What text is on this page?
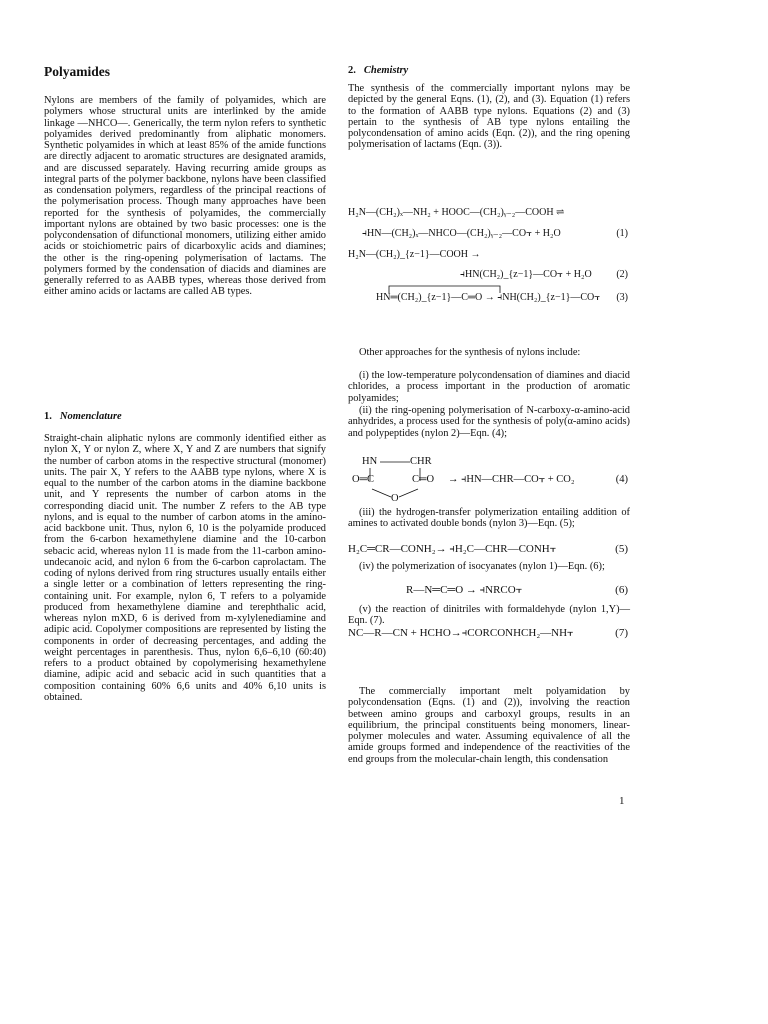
Polyamides

Nylons are members of the family of polyamides, which are polymers whose structural units are interlinked by the amide linkage —NHCO—. Generically, the term nylon refers to synthetic polyamides derived predominantly from aliphatic monomers. Synthetic polyamides in which at least 85% of the amide functions are directly adjacent to aromatic structures are designated aramids, and are discussed separately. Having recurring amide groups as integral parts of the polymer backbone, nylons have been classified as condensation polymers, regardless of the principal reactions of the polymerisation process. Though many approaches have been reported for the synthesis of polyamides, the commercially important nylons are obtained by two basic processes: one is the polycondensation of difunctional monomers, utilizing either amido acids or stoichiometric pairs of dicarboxylic acids and diamines; the other is the ring-opening polymerisation of lactams. The polymers formed by the condensation of diacids and diamines are generally referred to as AABB types, whereas those derived from either amino acids or lactams are called AB types.

1. Nomenclature

Straight-chain aliphatic nylons are commonly identified either as nylon X, Y or nylon Z, where X, Y and Z are numbers that signify the number of carbon atoms in the respective structural (monomer) units. The pair X, Y refers to the AABB type nylons, where X is equal to the number of the carbon atoms in the diamine backbone unit, and Y represents the number of carbon atoms in the corresponding diacid unit. The number Z refers to the AB type nylons, and is equal to the number of carbon atoms in the amino-acid backbone unit. Thus, nylon 6, 10 is the polyamide produced from the 6-carbon hexamethylene diamine and the 10-carbon sebacic acid, whereas nylon 11 is made from the 11-carbon amino-undecanoic acid, and nylon 6 from the 6-carbon caprolactam. The coding of nylons derived from ring structures usually entails either a single letter or a combination of letters representing the ring-containing unit. For example, nylon 6, T refers to a polyamide produced from hexamethylene diamine and terephthalic acid, whereas nylon mXD, 6 is derived from m-xylylenediamine and adipic acid. Copolymer compositions are represented by listing the components in order of decreasing percentages, and adding the weight percentages in parenthesis. Thus, nylon 6,6–6,10 (60:40) refers to a product obtained by copolymerising hexamethylene diamine, adipic acid and sebacic acid in such quantities that a composition containing 60% 6,6 units and 40% 6,10 units is obtained.

2. Chemistry

The synthesis of the commercially important nylons may be depicted by the general Eqns. (1), (2), and (3). Equation (1) refers to the formation of AABB type nylons. Equations (2) and (3) pertain to the synthesis of AB type nylons entailing the polycondensation of amino acids (Eqn. (2)), and the ring opening polymerisation of lactams (Eqn. (3)).

H₂N—(CH₂)ₓ—NH₂ + HOOC—(CH₂)ᵧ₋₂—COOH ⇌
⫞HN—(CH₂)ₓ—NHCO—(CH₂)ᵧ₋₂—CO⫟ + H₂O	(1)
H₂N—(CH₂)_{z−1}—COOH →
⫞HN(CH₂)_{z−1}—CO⫟ + H₂O (2)
HN═(CH₂)_{z−1}—C═O → ⫞NH(CH₂)_{z−1}—CO⫟ (3)

Other approaches for the synthesis of nylons include:

(i) the low-temperature polycondensation of diamines and diacid chlorides, a process important in the production of aromatic polyamides;

(ii) the ring-opening polymerisation of N-carboxy-α-amino-acid anhydrides, a process used for the synthesis of poly(α-amino acids) and polypeptides (nylon 2)—Eqn. (4);

HN	CHR
O═C	C═O
O
→ ⫞HN—CHR—CO⫟ + CO₂	(4)

(iii) the hydrogen-transfer polymerization entailing addition of amines to activated double bonds (nylon 3)—Eqn. (5);

H₂C═CR—CONH₂→ ⫞H₂C—CHR—CONH⫟	(5)

(iv) the polymerization of isocyanates (nylon 1)—Eqn. (6);

R—N═C═O → ⫞NRCO⫟	(6)

(v) the reaction of dinitriles with formaldehyde (nylon 1,Y)—Eqn. (7).

NC—R—CN + HCHO→⫞CORCONHCH₂—NH⫟	(7)

The commercially important melt polyamidation by polycondensation (Eqns. (1) and (2)), involving the reaction between amino groups and carboxyl groups, results in an equilibrium, the principal constituents being monomers, linear-polymer molecules and water. Assuming equivalence of all the amide groups formed and independence of the reactivities of the end groups from the molecular-chain length, this condensation

1
